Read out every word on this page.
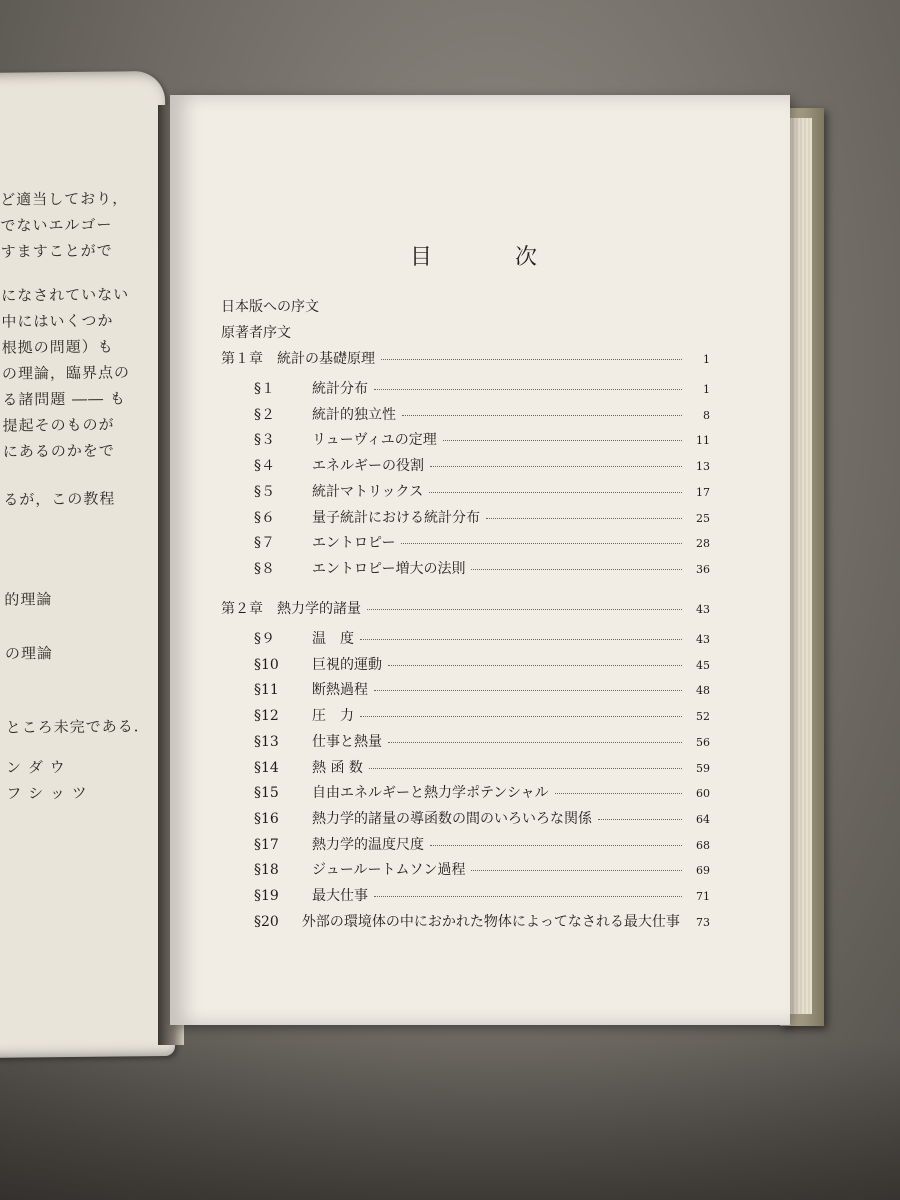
ど適当しており，
でないエルゴー
すますことがで
になされていない
中にはいくつか
根拠の問題）も
の理論，臨界点の
る諸問題 ―― も
提起そのものが
にあるのかをで
るが，この教程
的理論
の理論
ところ未完である．
ン ダ ウ
フ シ ッ ツ
目 次
日本版への序文
原著者序文
第１章	統計の基礎原理	1
§１	統計分布	1
§２	統計的独立性	8
§３	リューヴィユの定理	11
§４	エネルギーの役割	13
§５	統計マトリックス	17
§６	量子統計における統計分布	25
§７	エントロピー	28
§８	エントロピー増大の法則	36
第２章	熱力学的諸量	43
§９	温　度	43
§10	巨視的運動	45
§11	断熱過程	48
§12	圧　力	52
§13	仕事と熱量	56
§14	熱 函 数	59
§15	自由エネルギーと熱力学ポテンシャル	60
§16	熱力学的諸量の導函数の間のいろいろな関係	64
§17	熱力学的温度尺度	68
§18	ジュールートムソン過程	69
§19	最大仕事	71
§20	外部の環境体の中におかれた物体によってなされる最大仕事	73
